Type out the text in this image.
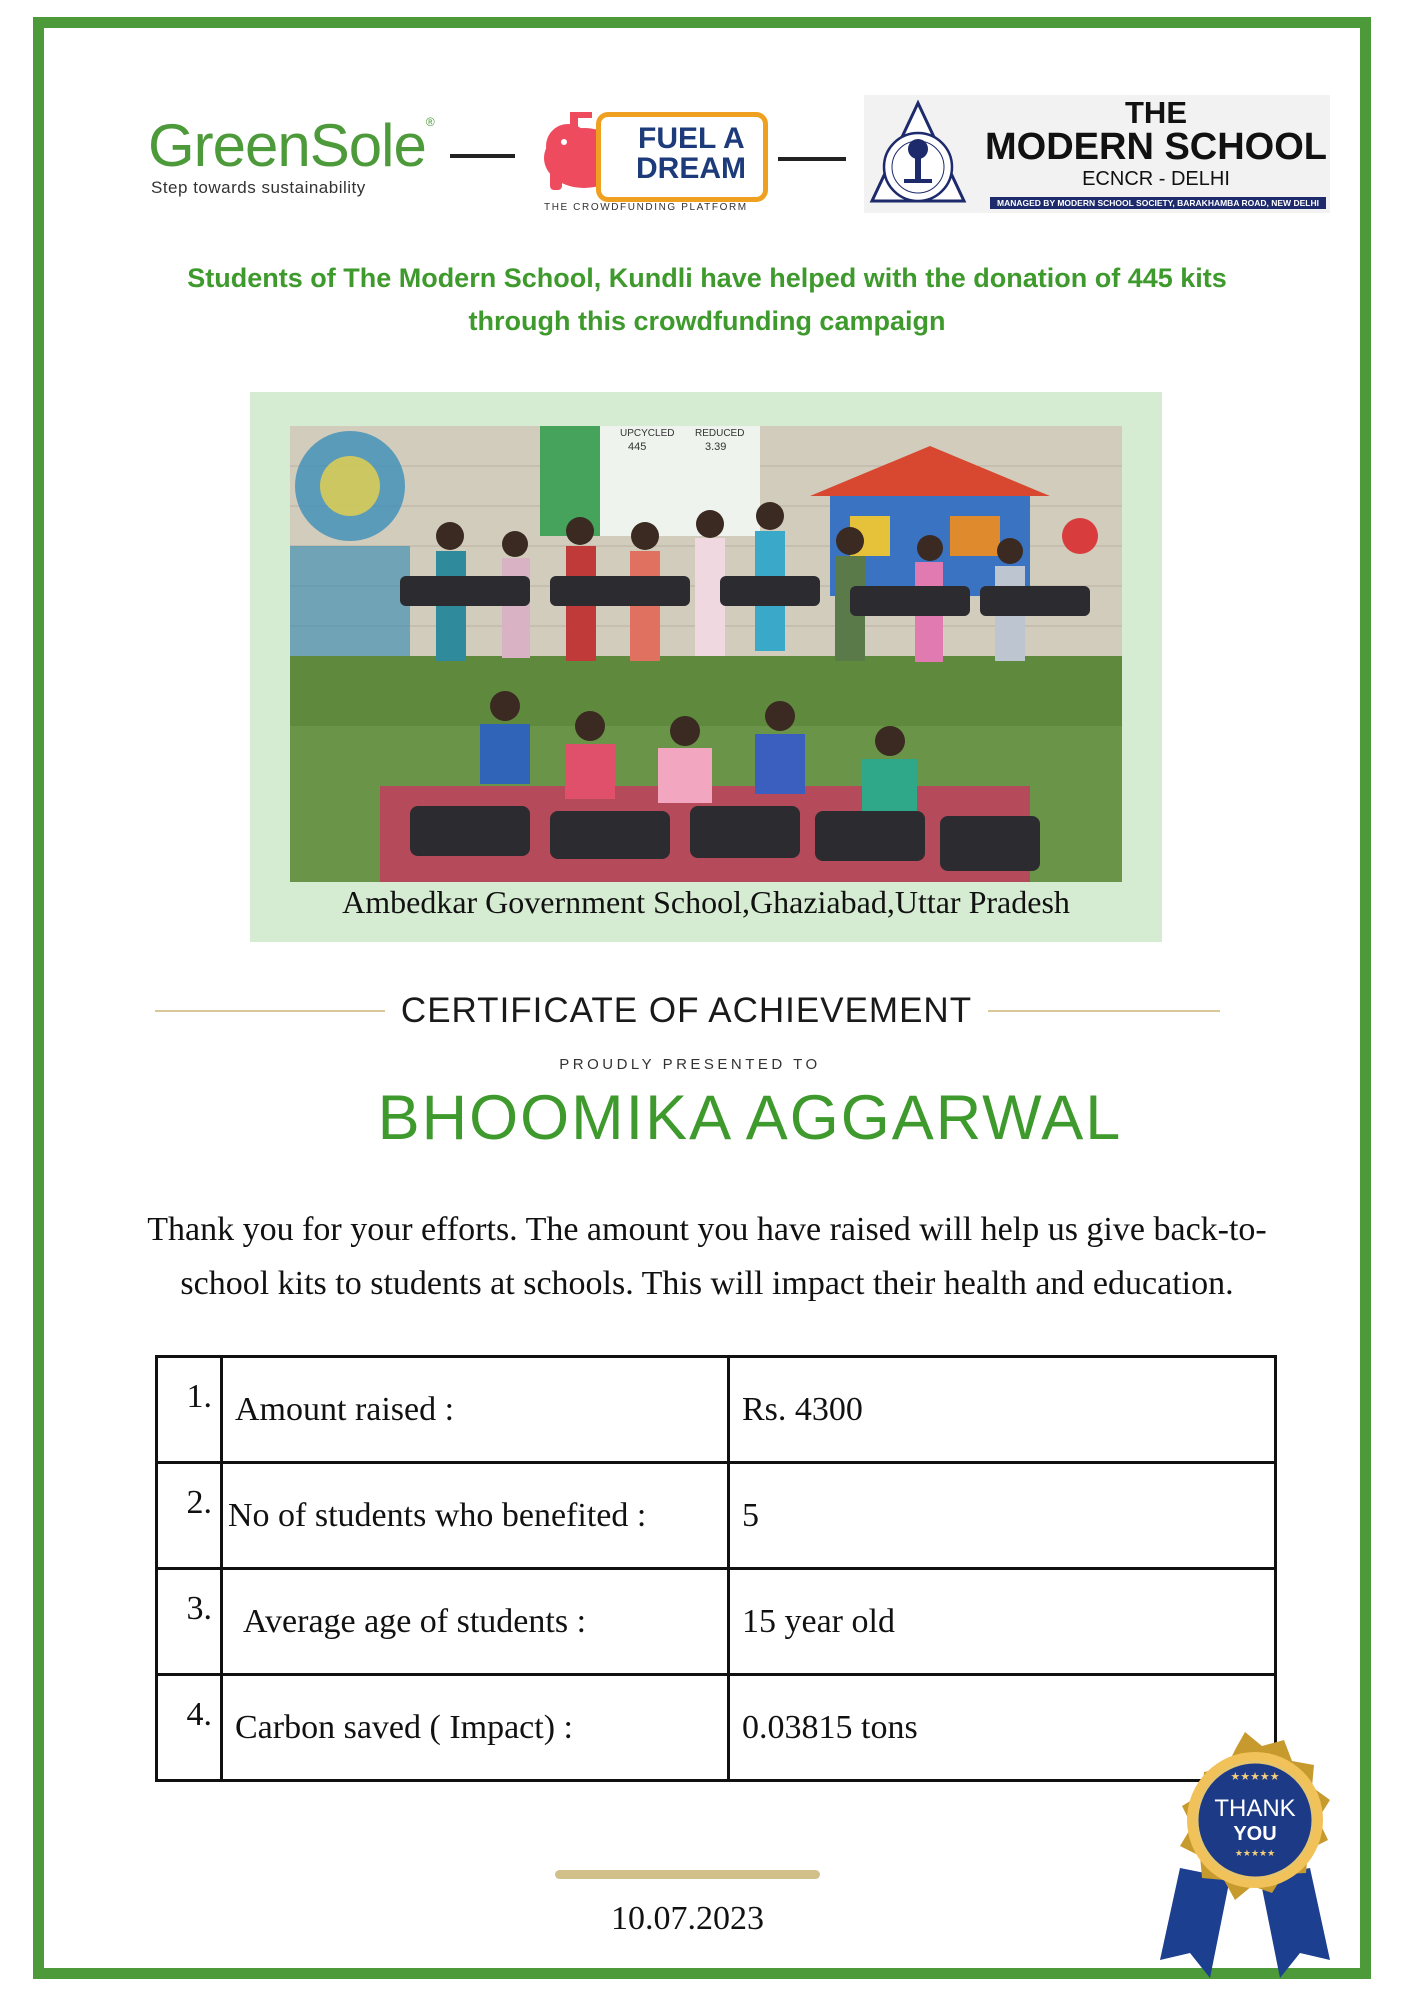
GreenSole®
Step towards sustainability
FUEL A
DREAM
THE CROWDFUNDING PLATFORM
THE
MODERN SCHOOL
ECNCR - DELHI
MANAGED BY MODERN SCHOOL SOCIETY, BARAKHAMBA ROAD, NEW DELHI
Students of The Modern School, Kundli have helped with the donation of 445 kits
through this crowdfunding campaign
UPCYCLED REDUCED
445	3.39
Ambedkar Government School,Ghaziabad,Uttar Pradesh
CERTIFICATE OF ACHIEVEMENT
PROUDLY PRESENTED TO
BHOOMIKA AGGARWAL
Thank you for your efforts. The amount you have raised will help us give back-to-
school kits to students at schools. This will impact their health and education.
1.	Amount raised :	Rs. 4300
2.	No of students who benefited :	5
3.	Average age of students :	15 year old
4.	Carbon saved ( Impact) :	0.03815 tons
★★★★★
THANK
YOU
★★★★★
10.07.2023
